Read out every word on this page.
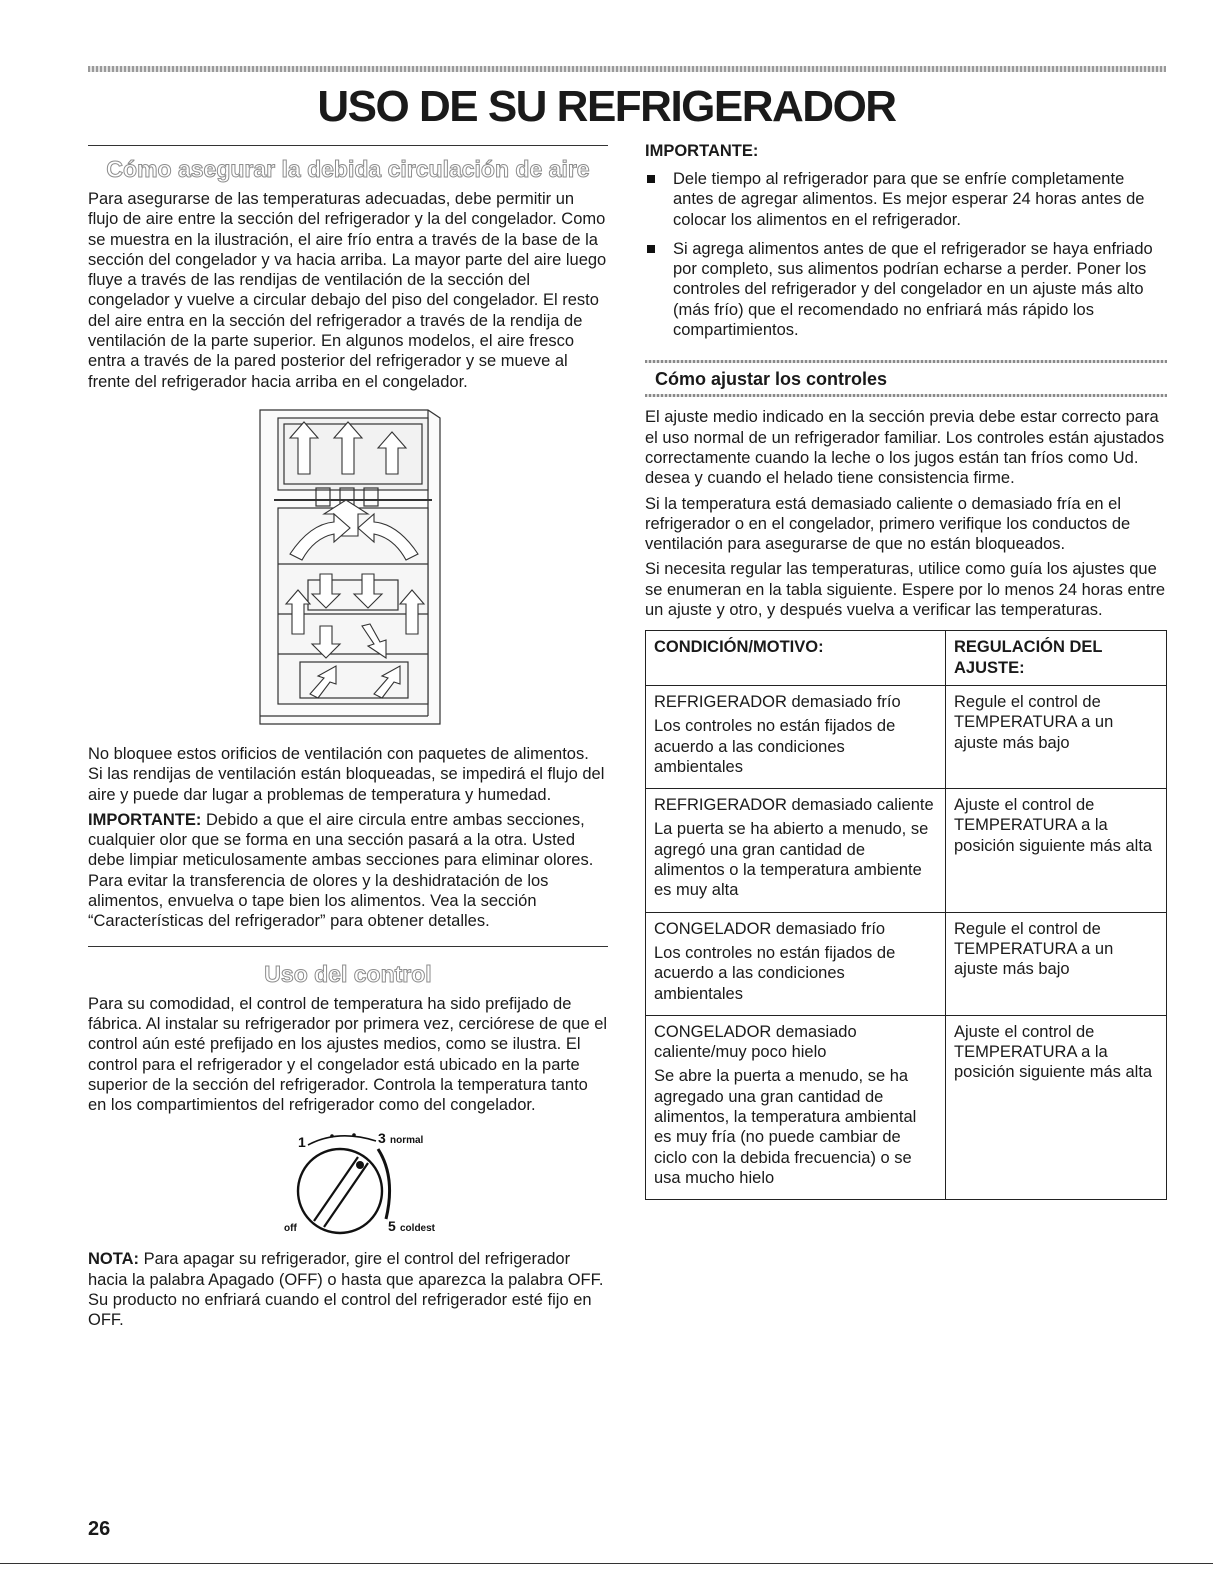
USO DE SU REFRIGERADOR
Cómo asegurar la debida circulación de aire

Para asegurarse de las temperaturas adecuadas, debe permitir un flujo de aire entre la sección del refrigerador y la del congelador. Como se muestra en la ilustración, el aire frío entra a través de la base de la sección del congelador y va hacia arriba. La mayor parte del aire luego fluye a través de las rendijas de ventilación de la sección del congelador y vuelve a circular debajo del piso del congelador. El resto del aire entra en la sección del refrigerador a través de la rendija de ventilación de la parte superior. En algunos modelos, el aire fresco entra a través de la pared posterior del refrigerador y se mueve al frente del refrigerador hacia arriba en el congelador.

No bloquee estos orificios de ventilación con paquetes de alimentos. Si las rendijas de ventilación están bloqueadas, se impedirá el flujo del aire y puede dar lugar a problemas de temperatura y humedad.

IMPORTANTE: Debido a que el aire circula entre ambas secciones, cualquier olor que se forma en una sección pasará a la otra. Usted debe limpiar meticulosamente ambas secciones para eliminar olores. Para evitar la transferencia de olores y la deshidratación de los alimentos, envuelva o tape bien los alimentos. Vea la sección “Características del refrigerador” para obtener detalles.

Uso del control

Para su comodidad, el control de temperatura ha sido prefijado de fábrica. Al instalar su refrigerador por primera vez, cerciórese de que el control aún esté prefijado en los ajustes medios, como se ilustra. El control para el refrigerador y el congelador está ubicado en la parte superior de la sección del refrigerador. Controla la temperatura tanto en los compartimientos del refrigerador como del congelador.

1	3 normal
off	5 coldest

NOTA: Para apagar su refrigerador, gire el control del refrigerador hacia la palabra Apagado (OFF) o hasta que aparezca la palabra OFF. Su producto no enfriará cuando el control del refrigerador esté fijo en OFF.

IMPORTANTE:
Dele tiempo al refrigerador para que se enfríe completamente antes de agregar alimentos. Es mejor esperar 24 horas antes de colocar los alimentos en el refrigerador.
Si agrega alimentos antes de que el refrigerador se haya enfriado por completo, sus alimentos podrían echarse a perder. Poner los controles del refrigerador y del congelador en un ajuste más alto (más frío) que el recomendado no enfriará más rápido los compartimientos.
Cómo ajustar los controles

El ajuste medio indicado en la sección previa debe estar correcto para el uso normal de un refrigerador familiar. Los controles están ajustados correctamente cuando la leche o los jugos están tan fríos como Ud. desea y cuando el helado tiene consistencia firme.

Si la temperatura está demasiado caliente o demasiado fría en el refrigerador o en el congelador, primero verifique los conductos de ventilación para asegurarse de que no están bloqueados.

Si necesita regular las temperaturas, utilice como guía los ajustes que se enumeran en la tabla siguiente. Espere por lo menos 24 horas entre un ajuste y otro, y después vuelva a verificar las temperaturas.

CONDICIÓN/MOTIVO:	REGULACIÓN DEL AJUSTE:

REFRIGERADOR demasiado frío

Los controles no están fijados de acuerdo a las condiciones ambientales	Regule el control de TEMPERATURA a un ajuste más bajo

REFRIGERADOR demasiado caliente

La puerta se ha abierto a menudo, se agregó una gran cantidad de alimentos o la temperatura ambiente es muy alta	Ajuste el control de TEMPERATURA a la posición siguiente más alta

CONGELADOR demasiado frío

Los controles no están fijados de acuerdo a las condiciones ambientales	Regule el control de TEMPERATURA a un ajuste más bajo

CONGELADOR demasiado caliente/muy poco hielo

Se abre la puerta a menudo, se ha agregado una gran cantidad de alimentos, la temperatura ambiental es muy fría (no puede cambiar de ciclo con la debida frecuencia) o se usa mucho hielo	Ajuste el control de TEMPERATURA a la posición siguiente más alta
26
